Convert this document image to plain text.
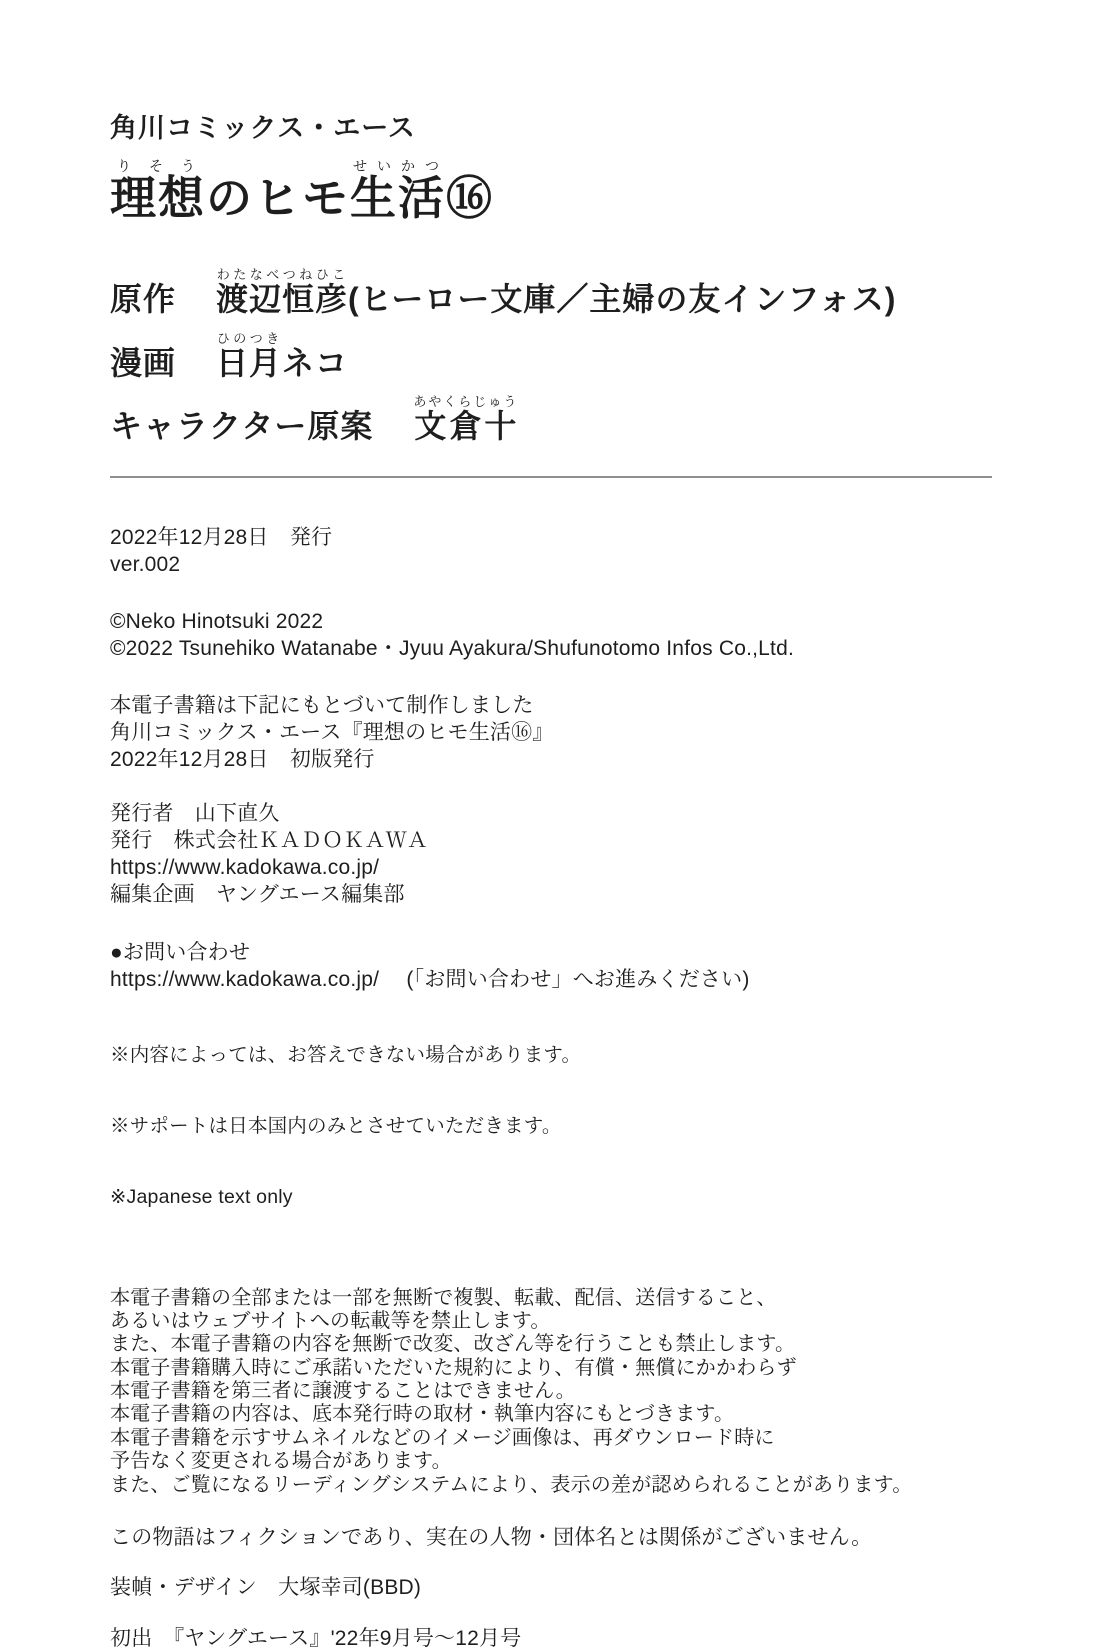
角川コミックス・エース
理想りそうのヒモ生活せいかつ⑯
原作 渡辺恒彦わたなべつねひこ
(ヒーロー文庫／主婦の友インフォス)
漫画 日月ひのつき
ネコ
キャラクター原案 文倉十あやくらじゅう
2022年12月28日　発行
ver.002
©Neko Hinotsuki 2022
©2022 Tsunehiko Watanabe・Jyuu Ayakura/Shufunotomo Infos Co.,Ltd.
本電子書籍は下記にもとづいて制作しました
角川コミックス・エース『理想のヒモ生活⑯』
2022年12月28日　初版発行
発行者　山下直久
発行　株式会社ＫＡＤＯＫＡＷＡ
https://www.kadokawa.co.jp/
編集企画　ヤングエース編集部
●お問い合わせ
https://www.kadokawa.co.jp/　 (「お問い合わせ」へお進みください)

※内容によっては、お答えできない場合があります。

※サポートは日本国内のみとさせていただきます。

※Japanese text only

本電子書籍の全部または一部を無断で複製、転載、配信、送信すること、
あるいはウェブサイトへの転載等を禁止します。
また、本電子書籍の内容を無断で改変、改ざん等を行うことも禁止します。
本電子書籍購入時にご承諾いただいた規約により、有償・無償にかかわらず
本電子書籍を第三者に譲渡することはできません。
本電子書籍の内容は、底本発行時の取材・執筆内容にもとづきます。
本電子書籍を示すサムネイルなどのイメージ画像は、再ダウンロード時に
予告なく変更される場合があります。
また、ご覧になるリーディングシステムにより、表示の差が認められることがあります。
この物語はフィクションであり、実在の人物・団体名とは関係がございません。
装幀・デザイン　大塚幸司(BBD)
初出　『ヤングエース』'22年9月号〜12月号
